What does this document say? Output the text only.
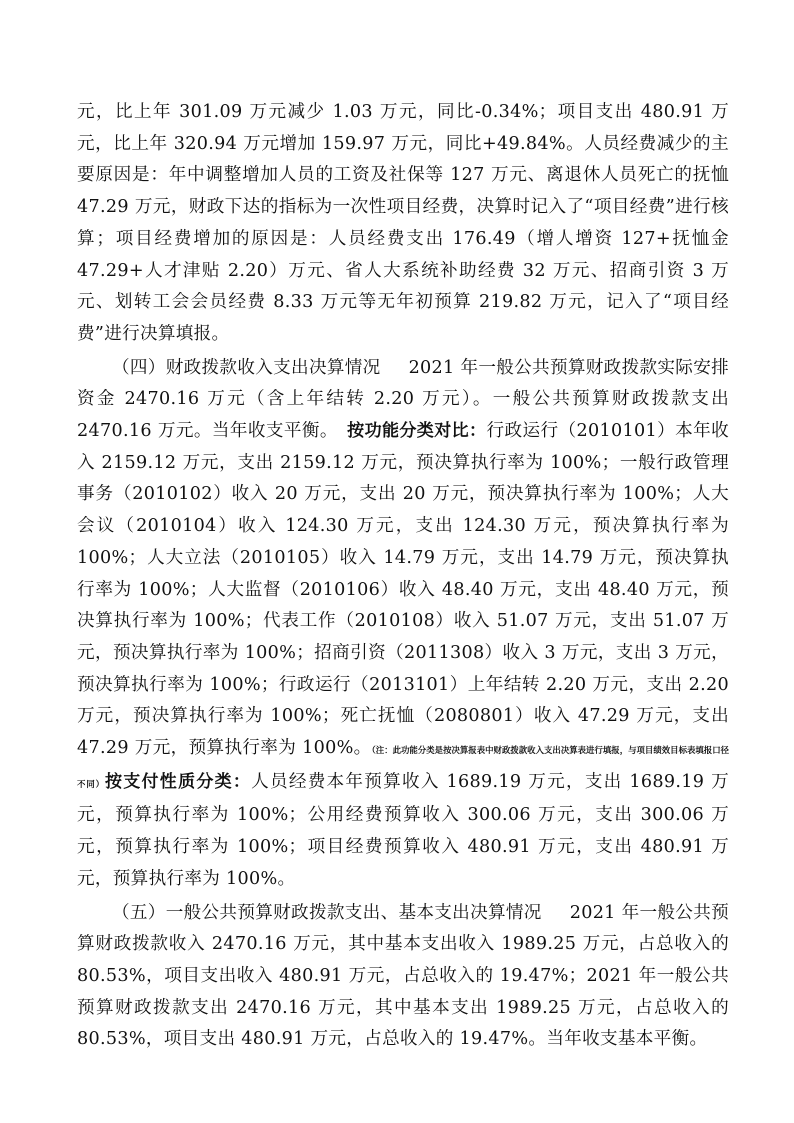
元，比上年 301.09 万元减少 1.03 万元，同比-0.34%；项目支出 480.91 万元，比上年 320.94 万元增加 159.97 万元，同比+49.84%。人员经费减少的主要原因是：年中调整增加人员的工资及社保等 127 万元、离退休人员死亡的抚恤 47.29 万元，财政下达的指标为一次性项目经费，决算时记入了“项目经费”进行核算；项目经费增加的原因是：人员经费支出 176.49（增人增资 127+抚恤金 47.29+人才津贴 2.20）万元、省人大系统补助经费 32 万元、招商引资 3 万元、划转工会会员经费 8.33 万元等无年初预算 219.82 万元，记入了“项目经费”进行决算填报。

（四）财政拨款收入支出决算情况 2021 年一般公共预算财政拨款实际安排资金 2470.16 万元（含上年结转 2.20 万元）。一般公共预算财政拨款支出 2470.16 万元。当年收支平衡。　 按功能分类对比：行政运行（2010101）本年收入 2159.12 万元，支出 2159.12 万元，预决算执行率为 100%；一般行政管理事务（2010102）收入 20 万元，支出 20 万元，预决算执行率为 100%；人大会议（2010104）收入 124.30 万元，支出 124.30 万元，预决算执行率为 100%；人大立法（2010105）收入 14.79 万元，支出 14.79 万元，预决算执行率为 100%；人大监督（2010106）收入 48.40 万元，支出 48.40 万元，预决算执行率为 100%；代表工作（2010108）收入 51.07 万元，支出 51.07 万元，预决算执行率为 100%；招商引资（2011308）收入 3 万元，支出 3 万元，预决算执行率为 100%；行政运行（2013101）上年结转 2.20 万元，支出 2.20 万元，预决算执行率为 100%；死亡抚恤（2080801）收入 47.29 万元，支出 47.29 万元，预算执行率为 100%。（注：此功能分类是按决算报表中财政拨款收入支出决算表进行填报，与项目绩效目标表填报口径不同）按支付性质分类：人员经费本年预算收入 1689.19 万元，支出 1689.19 万元，预算执行率为 100%；公用经费预算收入 300.06 万元，支出 300.06 万元，预算执行率为 100%；项目经费预算收入 480.91 万元，支出 480.91 万元，预算执行率为 100%。

（五）一般公共预算财政拨款支出、基本支出决算情况 2021 年一般公共预算财政拨款收入 2470.16 万元，其中基本支出收入 1989.25 万元，占总收入的 80.53%，项目支出收入 480.91 万元，占总收入的 19.47%；2021 年一般公共预算财政拨款支出 2470.16 万元，其中基本支出 1989.25 万元，占总收入的 80.53%，项目支出 480.91 万元，占总收入的 19.47%。当年收支基本平衡。
